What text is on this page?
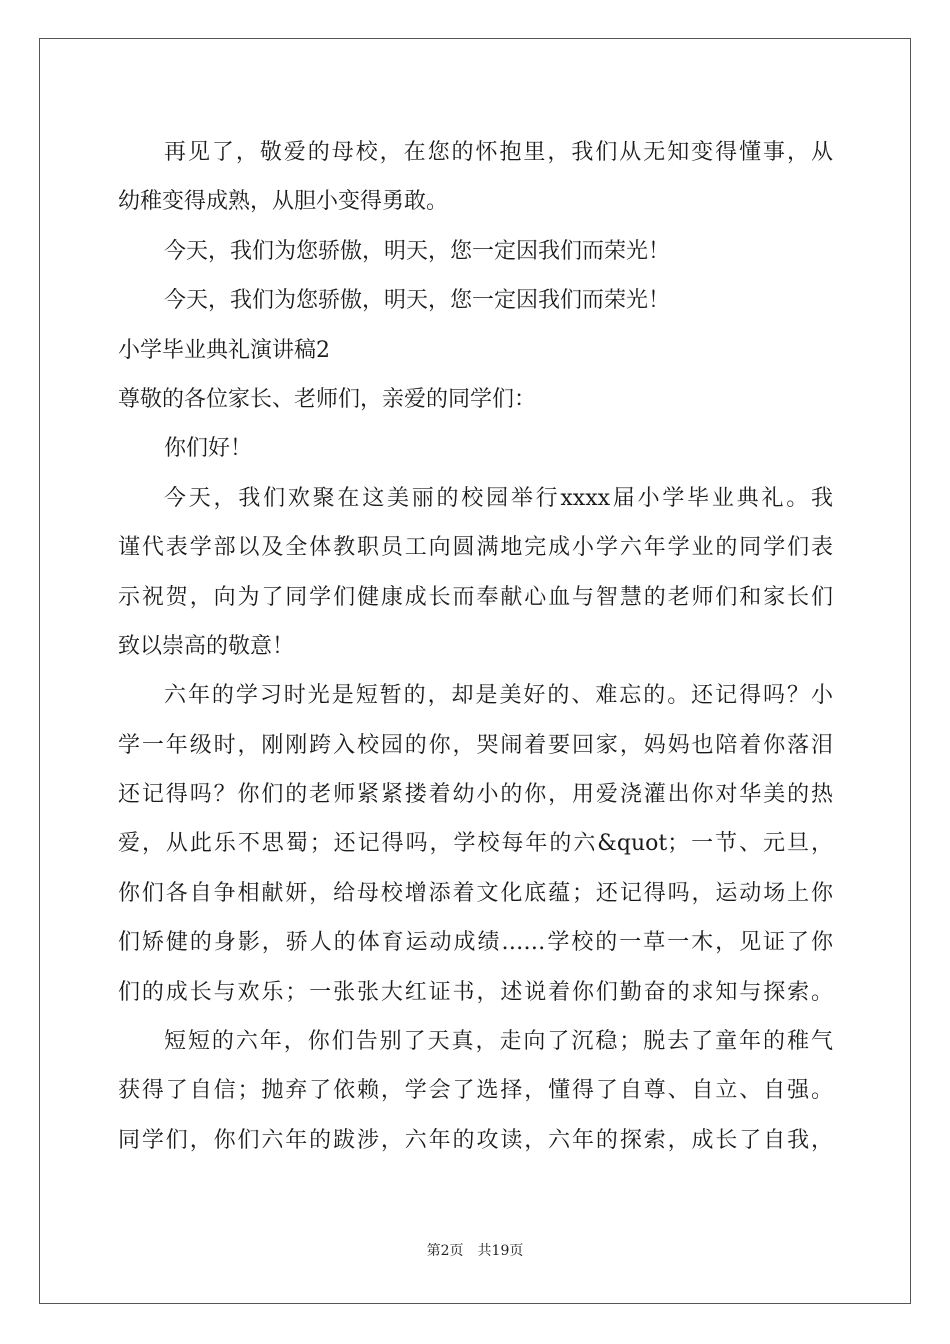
再见了，敬爱的母校，在您的怀抱里，我们从无知变得懂事，从
幼稚变得成熟，从胆小变得勇敢。
今天，我们为您骄傲，明天，您一定因我们而荣光！
今天，我们为您骄傲，明天，您一定因我们而荣光！
小学毕业典礼演讲稿2
尊敬的各位家长、老师们，亲爱的同学们：
你们好！
今天，我们欢聚在这美丽的校园举行xxxx届小学毕业典礼。我
谨代表学部以及全体教职员工向圆满地完成小学六年学业的同学们表
示祝贺，向为了同学们健康成长而奉献心血与智慧的老师们和家长们
致以崇高的敬意！
六年的学习时光是短暂的，却是美好的、难忘的。还记得吗？小
学一年级时，刚刚跨入校园的你，哭闹着要回家，妈妈也陪着你落泪
还记得吗？你们的老师紧紧搂着幼小的你，用爱浇灌出你对华美的热
爱，从此乐不思蜀；还记得吗，学校每年的六&quot；一节、元旦，
你们各自争相献妍，给母校增添着文化底蕴；还记得吗，运动场上你
们矫健的身影，骄人的体育运动成绩……学校的一草一木，见证了你
们的成长与欢乐；一张张大红证书，述说着你们勤奋的求知与探索。
短短的六年，你们告别了天真，走向了沉稳；脱去了童年的稚气
获得了自信；抛弃了依赖，学会了选择，懂得了自尊、自立、自强。
同学们，你们六年的跋涉，六年的攻读，六年的探索，成长了自我，
第2页 共19页
